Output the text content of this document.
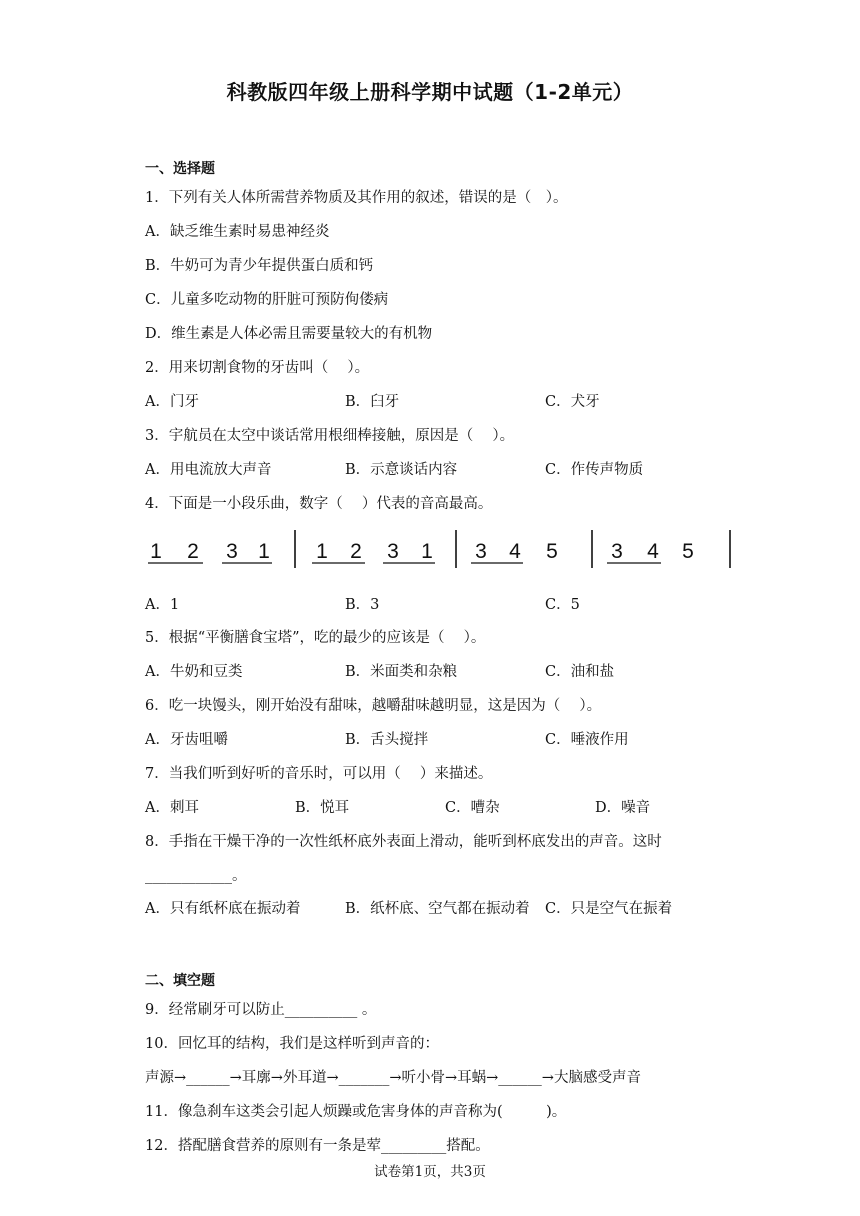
科教版四年级上册科学期中试题（1-2单元）
一、选择题
1．下列有关人体所需营养物质及其作用的叙述，错误的是（　）。
A．缺乏维生素时易患神经炎
B．牛奶可为青少年提供蛋白质和钙
C．儿童多吃动物的肝脏可预防佝偻病
D．维生素是人体必需且需要量较大的有机物
2．用来切割食物的牙齿叫（　 ）。
A．门牙	B．臼牙	C．犬牙
3．宇航员在太空中谈话常用根细棒接触，原因是（　 ）。
A．用电流放大声音	B．示意谈话内容	C．作传声物质
4．下面是一小段乐曲，数字（　 ）代表的音高最高。
1 2 3 1 1 2 3 1 3 4 5	3 4 5
A．1	B．3	C．5
5．根据“平衡膳食宝塔”，吃的最少的应该是（　 ）。
A．牛奶和豆类	B．米面类和杂粮	C．油和盐
6．吃一块馒头，刚开始没有甜味，越嚼甜味越明显，这是因为（　 ）。
A．牙齿咀嚼	B．舌头搅拌	C．唾液作用
7．当我们听到好听的音乐时，可以用（　 ）来描述。
A．刺耳	B．悦耳	C．嘈杂	D．噪音
8．手指在干燥干净的一次性纸杯底外表面上滑动，能听到杯底发出的声音。这时
____________。
A．只有纸杯底在振动着	B．纸杯底、空气都在振动着 C．只是空气在振着
二、填空题
9．经常刷牙可以防止__________ 。
10．回忆耳的结构，我们是这样听到声音的：
声源→______→耳廓→外耳道→_______→听小骨→耳蜗→______→大脑感受声音
11．像急刹车这类会引起人烦躁或危害身体的声音称为(　　　)。
12．搭配膳食营养的原则有一条是荤_________搭配。
试卷第1页，共3页
